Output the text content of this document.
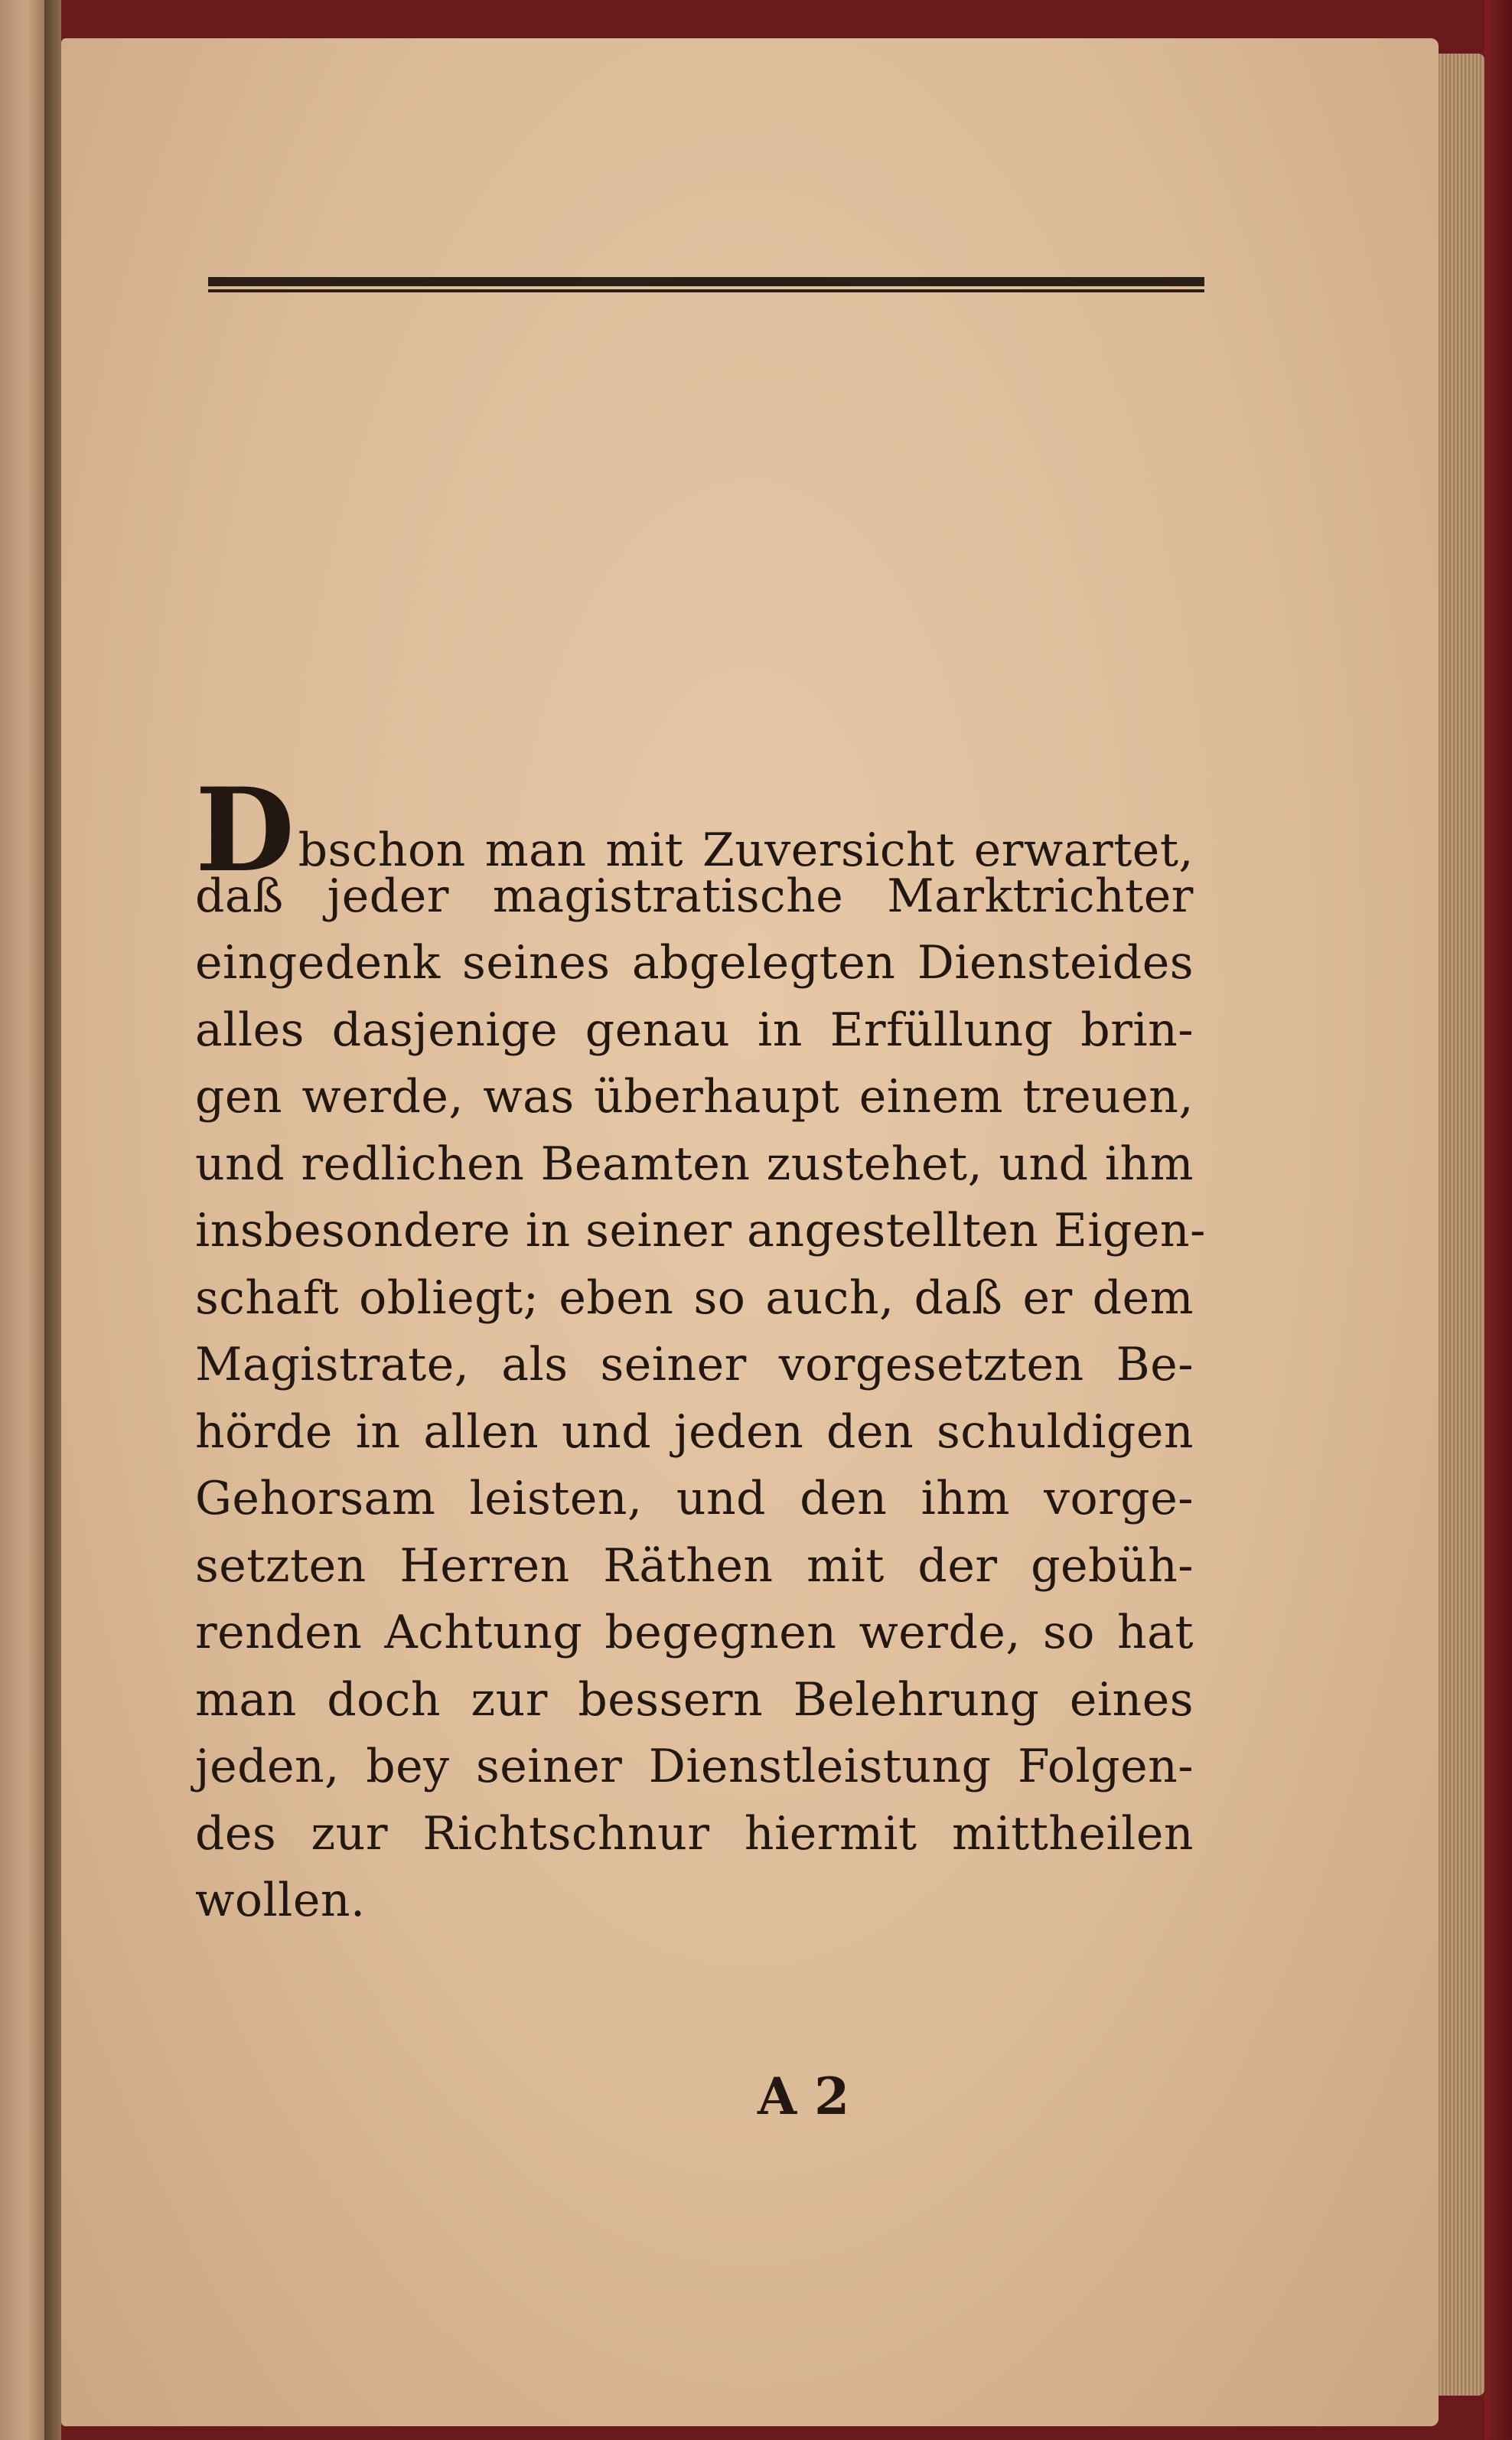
Dbschon man mit Zuversicht erwartet,
daß jeder magistratische Marktrichter
eingedenk seines abgelegten Diensteides
alles dasjenige genau in Erfüllung brin-
gen werde, was überhaupt einem treuen,
und redlichen Beamten zustehet, und ihm
insbesondere in seiner angestellten Eigen-
schaft obliegt; eben so auch, daß er dem
Magistrate, als seiner vorgesetzten Be-
hörde in allen und jeden den schuldigen
Gehorsam leisten, und den ihm vorge-
setzten Herren Räthen mit der gebüh-
renden Achtung begegnen werde, so hat
man doch zur bessern Belehrung eines
jeden, bey seiner Dienstleistung Folgen-
des zur Richtschnur hiermit mittheilen
wollen.
A 2
